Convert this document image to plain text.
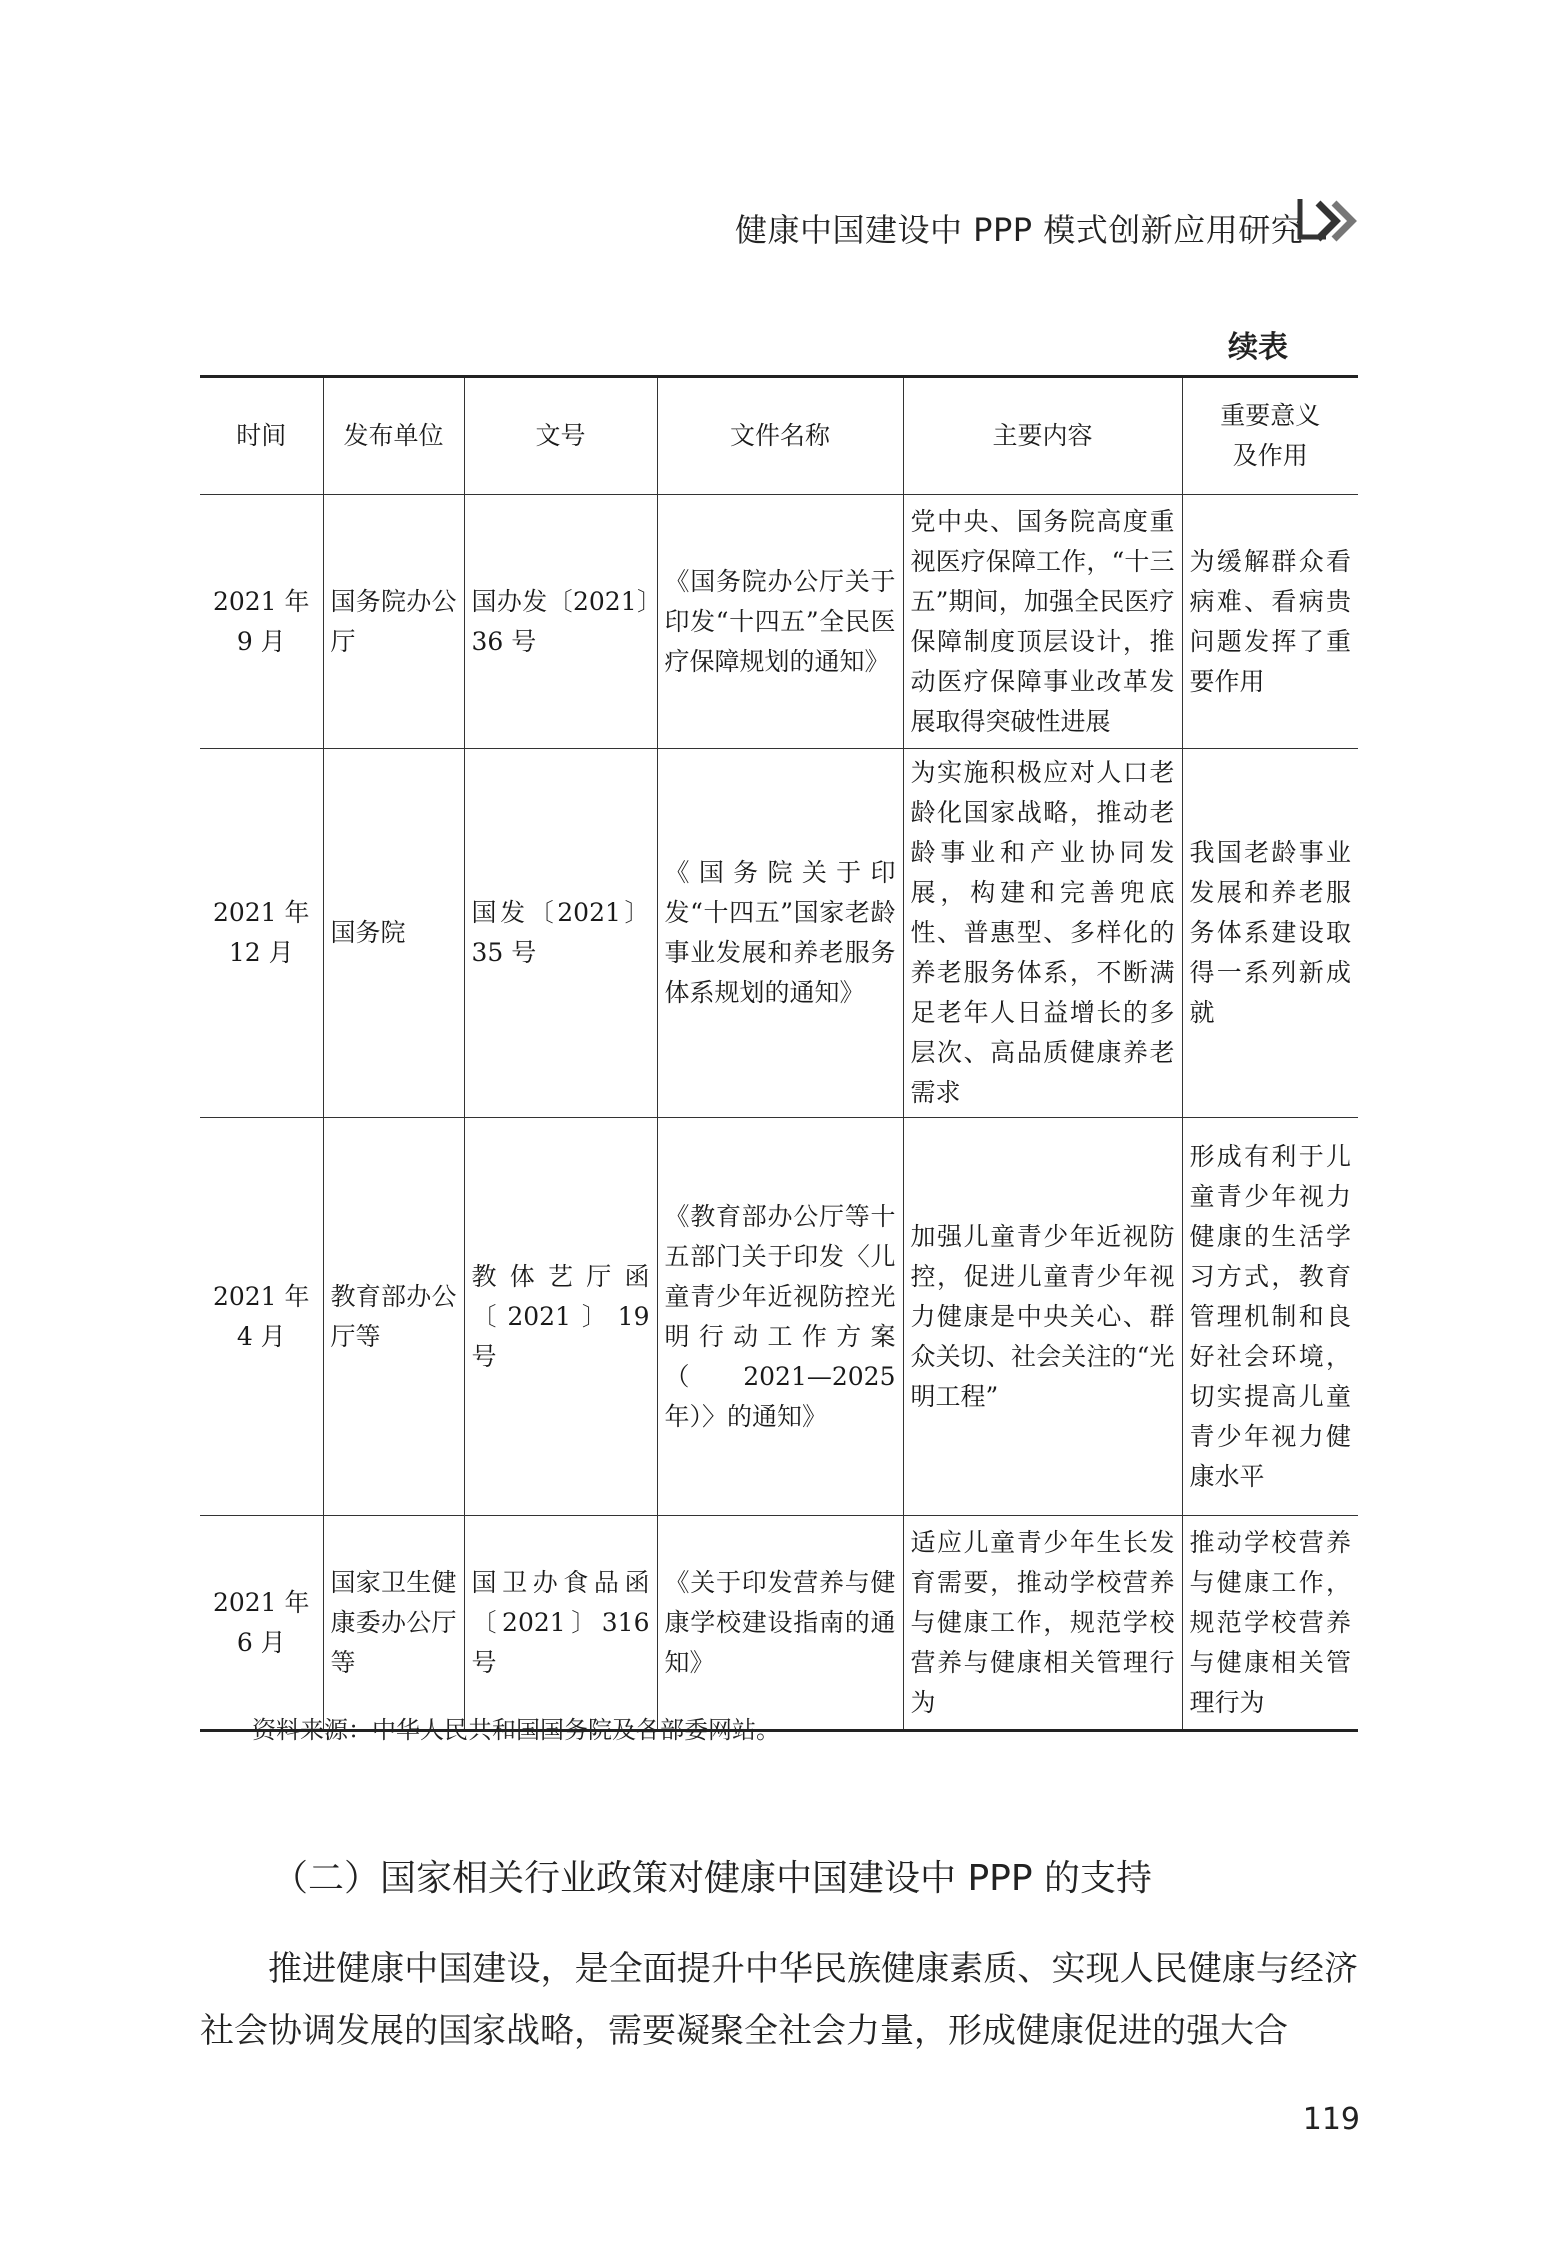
健康中国建设中 PPP 模式创新应用研究
续表
时间	发布单位	文号	文件名称	主要内容	重要意义及作用
2021 年 9 月	国务院办公厅	国办发〔2021〕36 号	《国务院办公厅关于印发“十四五”全民医疗保障规划的通知》	党中央、国务院高度重视医疗保障工作，“十三五”期间，加强全民医疗保障制度顶层设计，推动医疗保障事业改革发展取得突破性进展	为缓解群众看病难、看病贵问题发挥了重要作用
2021 年 12 月	国务院	国发〔2021〕35 号	《国务院关于印发“十四五”国家老龄事业发展和养老服务体系规划的通知》	为实施积极应对人口老龄化国家战略，推动老龄事业和产业协同发展，构建和完善兜底性、普惠型、多样化的养老服务体系，不断满足老年人日益增长的多层次、高品质健康养老需求	我国老龄事业发展和养老服务体系建设取得一系列新成就
2021 年 4 月	教育部办公厅等	教体艺厅函〔2021〕19 号	《教育部办公厅等十五部门关于印发〈儿童青少年近视防控光明行动工作方案（2021—2025 年）〉的通知》	加强儿童青少年近视防控，促进儿童青少年视力健康是中央关心、群众关切、社会关注的“光明工程”	形成有利于儿童青少年视力健康的生活学习方式，教育管理机制和良好社会环境，切实提高儿童青少年视力健康水平
2021 年 6 月	国家卫生健康委办公厅等	国卫办食品函〔2021〕316 号	《关于印发营养与健康学校建设指南的通知》	适应儿童青少年生长发育需要，推动学校营养与健康工作，规范学校营养与健康相关管理行为	推动学校营养与健康工作，规范学校营养与健康相关管理行为
资料来源：中华人民共和国国务院及各部委网站。
（二）国家相关行业政策对健康中国建设中 PPP 的支持
推进健康中国建设，是全面提升中华民族健康素质、实现人民健康与经济社会协调发展的国家战略，需要凝聚全社会力量，形成健康促进的强大合
119
